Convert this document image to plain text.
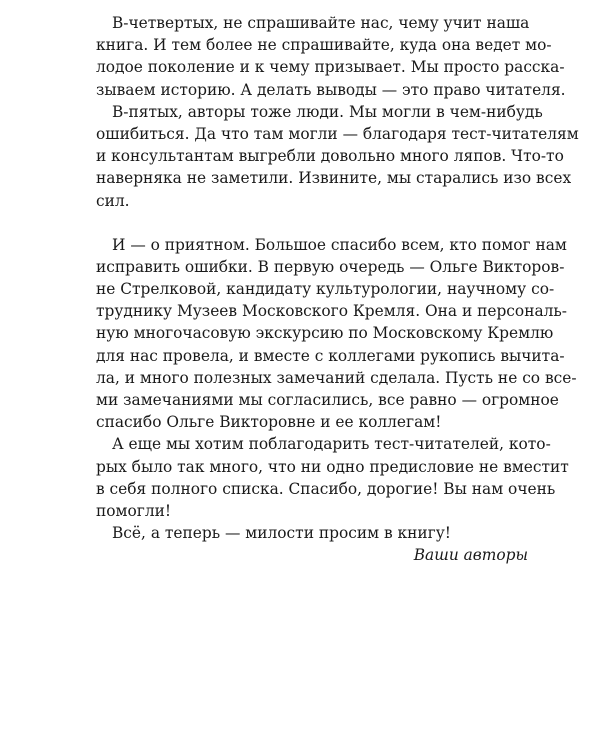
В-четвертых, не спрашивайте нас, чему учит наша
книга. И тем более не спрашивайте, куда она ведет мо-
лодое поколение и к чему призывает. Мы просто расска-
зываем историю. А делать выводы — это право читателя.
В-пятых, авторы тоже люди. Мы могли в чем-нибудь
ошибиться. Да что там могли — благодаря тест-читателям
и консультантам выгребли довольно много ляпов. Что-то
наверняка не заметили. Извините, мы старались изо всех
сил.
И — о приятном. Большое спасибо всем, кто помог нам
исправить ошибки. В первую очередь — Ольге Викторов-
не Стрелковой, кандидату культурологии, научному со-
труднику Музеев Московского Кремля. Она и персональ-
ную многочасовую экскурсию по Московскому Кремлю
для нас провела, и вместе с коллегами рукопись вычита-
ла, и много полезных замечаний сделала. Пусть не со все-
ми замечаниями мы согласились, все равно — огромное
спасибо Ольге Викторовне и ее коллегам!
А еще мы хотим поблагодарить тест-читателей, кото-
рых было так много, что ни одно предисловие не вместит
в себя полного списка. Спасибо, дорогие! Вы нам очень
помогли!
Всё, а теперь — милости просим в книгу!
Ваши авторы
